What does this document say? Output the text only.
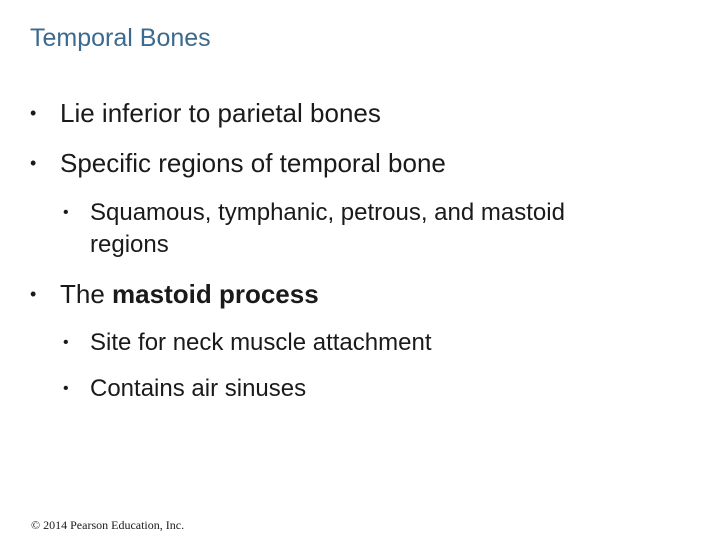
Temporal Bones
• Lie inferior to parietal bones
• Specific regions of temporal bone
• Squamous, tymphanic, petrous, and mastoid
regions
• The mastoid process
• Site for neck muscle attachment
• Contains air sinuses
© 2014 Pearson Education, Inc.
